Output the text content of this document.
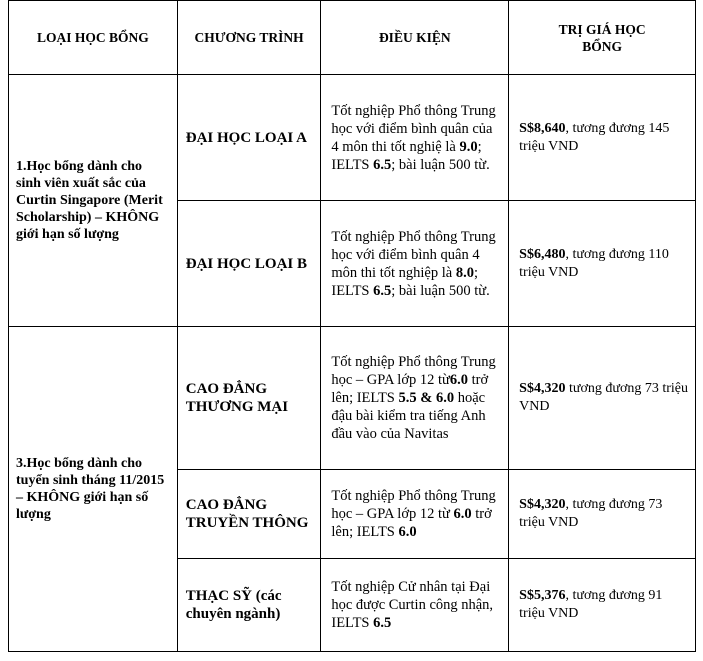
LOẠI HỌC BỔNG	CHƯƠNG TRÌNH	ĐIỀU KIỆN	TRỊ GIÁ HỌC BỔNG
1.Học bổng dành cho sinh viên xuất sắc của Curtin Singapore (Merit Scholarship) – KHÔNG giới hạn số lượng	ĐẠI HỌC LOẠI A	Tốt nghiệp Phổ thông Trung học với điểm bình quân của 4 môn thi tốt nghiệ là 9.0; IELTS 6.5; bài luận 500 từ.	S$8,640, tương đương 145 triệu VND
	ĐẠI HỌC LOẠI B	Tốt nghiệp Phổ thông Trung học với điểm bình quân 4 môn thi tốt nghiệp là 8.0; IELTS 6.5; bài luận 500 từ.	S$6,480, tương đương 110 triệu VND
3.Học bổng dành cho tuyển sinh tháng 11/2015 – KHÔNG giới hạn số lượng	CAO ĐẲNG THƯƠNG MẠI	Tốt nghiệp Phổ thông Trung học – GPA lớp 12 từ6.0 trở lên; IELTS 5.5 & 6.0 hoặc đậu bài kiểm tra tiếng Anh đầu vào của Navitas	S$4,320 tương đương 73 triệu VND
	CAO ĐẲNG TRUYỀN THÔNG	Tốt nghiệp Phổ thông Trung học – GPA lớp 12 từ 6.0 trở lên; IELTS 6.0	S$4,320, tương đương 73 triệu VND
	THẠC SỸ (các chuyên ngành)	Tốt nghiệp Cử nhân tại Đại học được Curtin công nhận, IELTS 6.5	S$5,376, tương đương 91 triệu VND
